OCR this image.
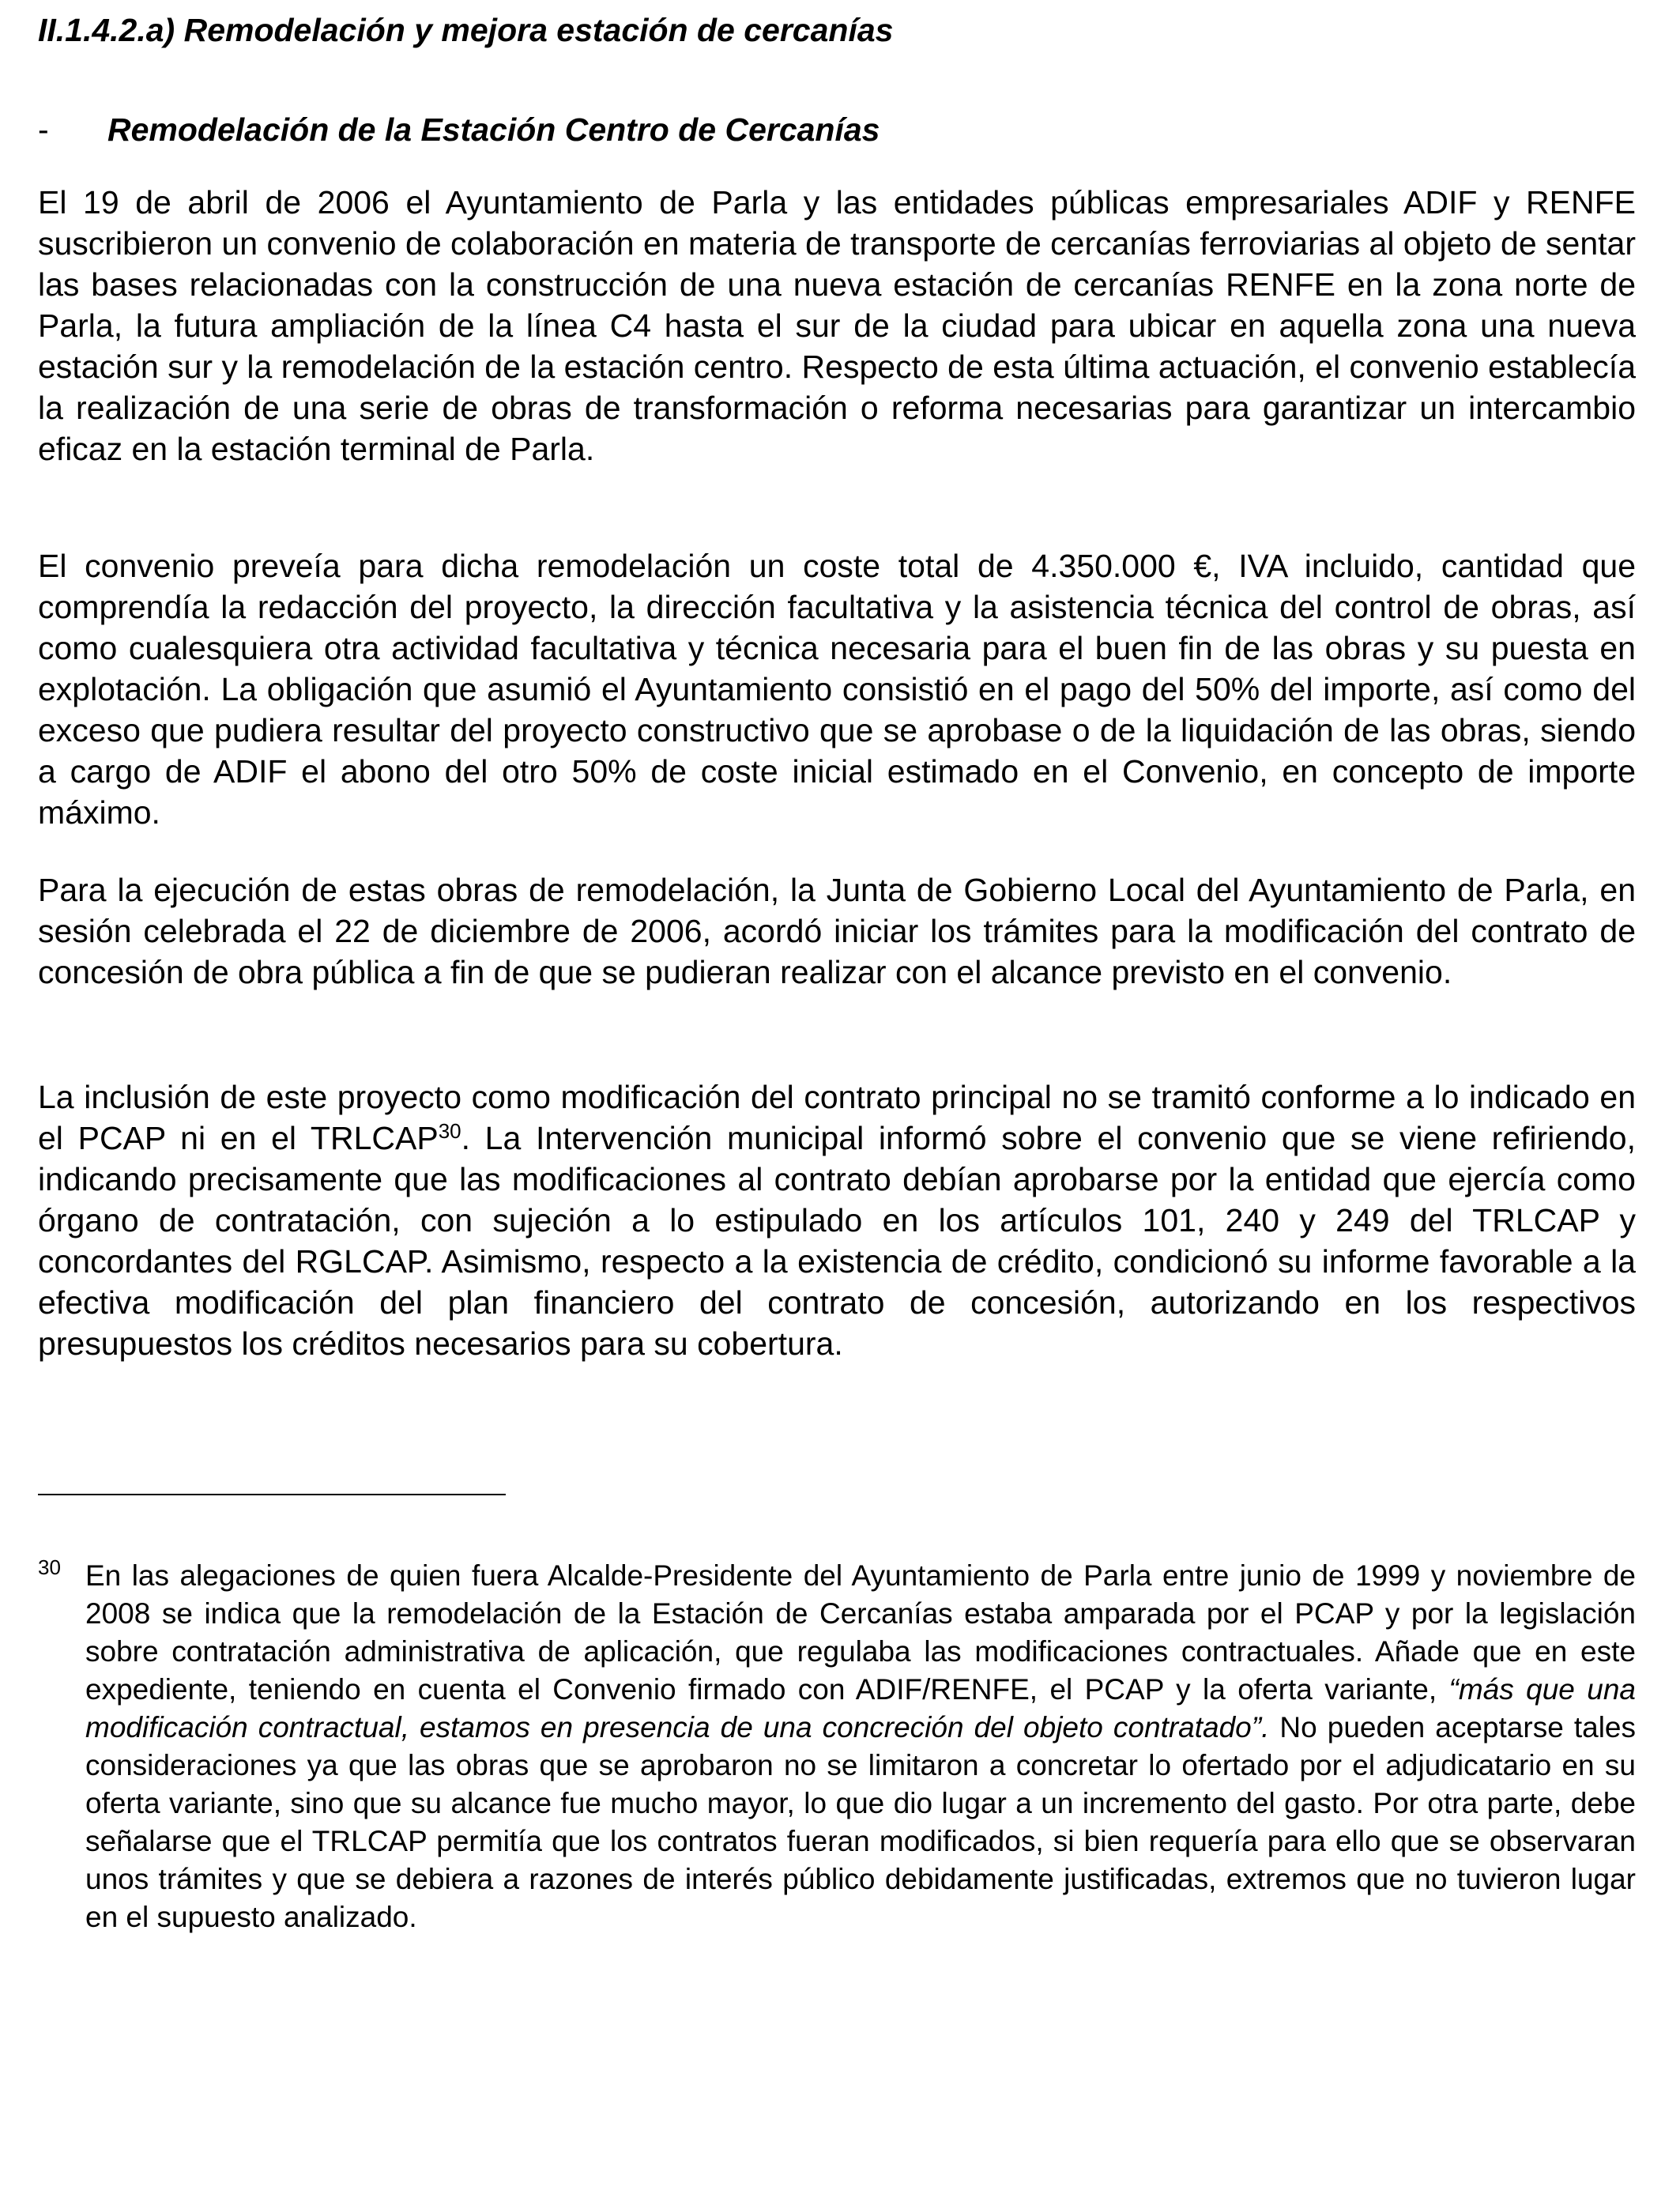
II.1.4.2.a) Remodelación y mejora estación de cercanías
- Remodelación de la Estación Centro de Cercanías

El 19 de abril de 2006 el Ayuntamiento de Parla y las entidades públicas empresariales ADIF y RENFE suscribieron un convenio de colaboración en materia de transporte de cercanías ferroviarias al objeto de sentar las bases relacionadas con la construcción de una nueva estación de cercanías RENFE en la zona norte de Parla, la futura ampliación de la línea C4 hasta el sur de la ciudad para ubicar en aquella zona una nueva estación sur y la remodelación de la estación centro. Respecto de esta última actuación, el convenio establecía la realización de una serie de obras de transformación o reforma necesarias para garantizar un intercambio eficaz en la estación terminal de Parla.

El convenio preveía para dicha remodelación un coste total de 4.350.000 €, IVA incluido, cantidad que comprendía la redacción del proyecto, la dirección facultativa y la asistencia técnica del control de obras, así como cualesquiera otra actividad facultativa y técnica necesaria para el buen fin de las obras y su puesta en explotación. La obligación que asumió el Ayuntamiento consistió en el pago del 50% del importe, así como del exceso que pudiera resultar del proyecto constructivo que se aprobase o de la liquidación de las obras, siendo a cargo de ADIF el abono del otro 50% de coste inicial estimado en el Convenio, en concepto de importe máximo.

Para la ejecución de estas obras de remodelación, la Junta de Gobierno Local del Ayuntamiento de Parla, en sesión celebrada el 22 de diciembre de 2006, acordó iniciar los trámites para la modificación del contrato de concesión de obra pública a fin de que se pudieran realizar con el alcance previsto en el convenio.

La inclusión de este proyecto como modificación del contrato principal no se tramitó conforme a lo indicado en el PCAP ni en el TRLCAP$^{30}$. La Intervención municipal informó sobre el convenio que se viene refiriendo, indicando precisamente que las modificaciones al contrato debían aprobarse por la entidad que ejercía como órgano de contratación, con sujeción a lo estipulado en los artículos 101, 240 y 249 del TRLCAP y concordantes del RGLCAP. Asimismo, respecto a la existencia de crédito, condicionó su informe favorable a la efectiva modificación del plan financiero del contrato de concesión, autorizando en los respectivos presupuestos los créditos necesarios para su cobertura.

30 En las alegaciones de quien fuera Alcalde-Presidente del Ayuntamiento de Parla entre junio de 1999 y noviembre de 2008 se indica que la remodelación de la Estación de Cercanías estaba amparada por el PCAP y por la legislación sobre contratación administrativa de aplicación, que regulaba las modificaciones contractuales. Añade que en este expediente, teniendo en cuenta el Convenio firmado con ADIF/RENFE, el PCAP y la oferta variante, “más que una modificación contractual, estamos en presencia de una concreción del objeto contratado”. No pueden aceptarse tales consideraciones ya que las obras que se aprobaron no se limitaron a concretar lo ofertado por el adjudicatario en su oferta variante, sino que su alcance fue mucho mayor, lo que dio lugar a un incremento del gasto. Por otra parte, debe señalarse que el TRLCAP permitía que los contratos fueran modificados, si bien requería para ello que se observaran unos trámites y que se debiera a razones de interés público debidamente justificadas, extremos que no tuvieron lugar en el supuesto analizado.
